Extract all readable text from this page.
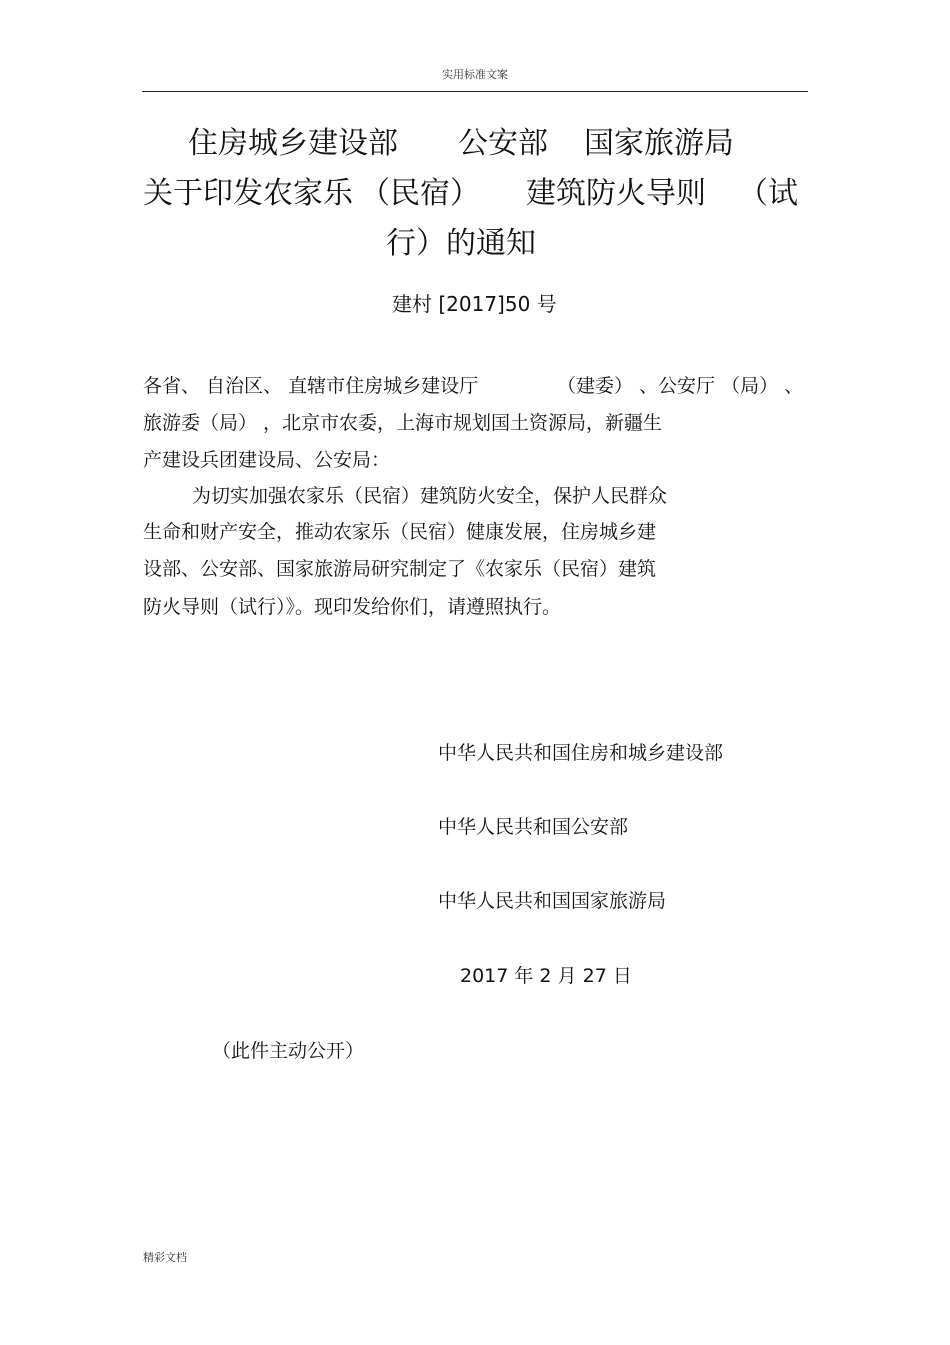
实用标准文案
住房城乡建设部 公安部 国家旅游局
关于印发农家乐 （民宿） 建筑防火导则 （试
行）的通知
建村 [2017]50 号
各省、 自治区、 直辖市住房城乡建设厅	（建委） 、公安厅 （局） 、
旅游委（局） ，北京市农委，上海市规划国土资源局，新疆生
产建设兵团建设局、公安局：
为切实加强农家乐（民宿）建筑防火安全，保护人民群众
生命和财产安全，推动农家乐（民宿）健康发展，住房城乡建
设部、公安部、国家旅游局研究制定了《农家乐（民宿）建筑
防火导则（试行）》。现印发给你们，请遵照执行。
中华人民共和国住房和城乡建设部
中华人民共和国公安部
中华人民共和国国家旅游局
2017 年 2 月 27 日
（此件主动公开）
精彩文档
